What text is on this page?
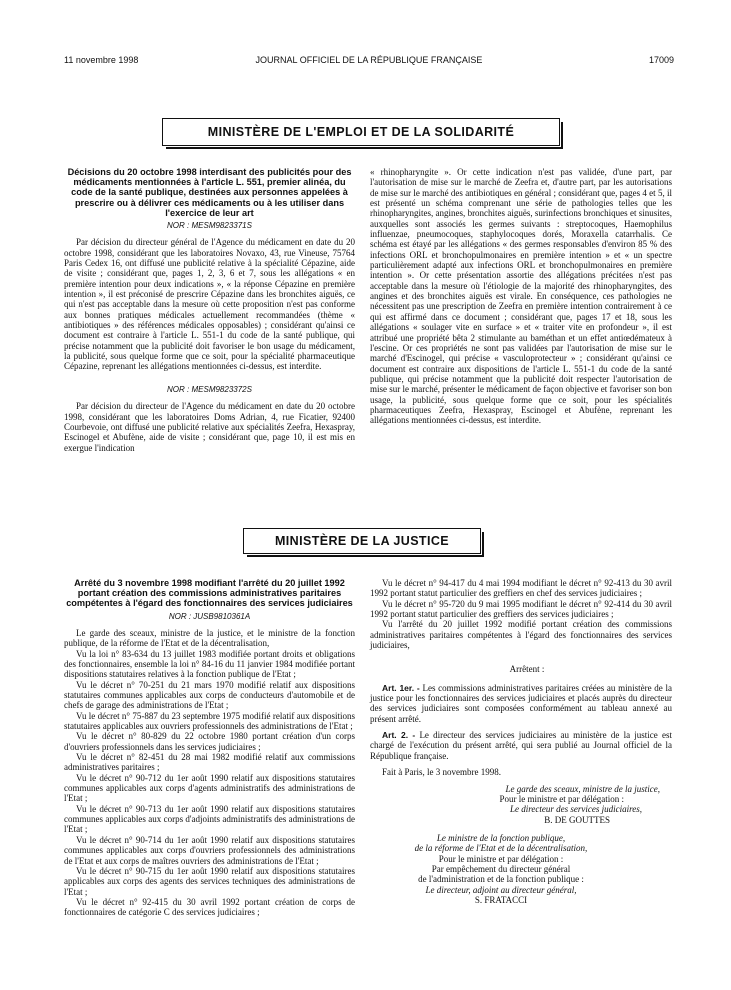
11 novembre 1998	JOURNAL OFFICIEL DE LA RÉPUBLIQUE FRANÇAISE	17009
MINISTÈRE DE L'EMPLOI ET DE LA SOLIDARITÉ

Décisions du 20 octobre 1998 interdisant des publicités pour des médicaments mentionnées à l'article L. 551, premier alinéa, du code de la santé publique, destinées aux personnes appelées à prescrire ou à délivrer ces médicaments ou à les utiliser dans l'exercice de leur art

NOR : MESM9823371S

Par décision du directeur général de l'Agence du médicament en date du 20 octobre 1998, considérant que les laboratoires Novaxo, 43, rue Vineuse, 75764 Paris Cedex 16, ont diffusé une publicité relative à la spécialité Cépazine, aide de visite ; considérant que, pages 1, 2, 3, 6 et 7, sous les allégations « en première intention pour deux indications », « la réponse Cépazine en première intention », il est préconisé de prescrire Cépazine dans les bronchites aiguës, ce qui n'est pas acceptable dans la mesure où cette proposition n'est pas conforme aux bonnes pratiques médicales actuellement recommandées (thème « antibiotiques » des références médicales opposables) ; considérant qu'ainsi ce document est contraire à l'article L. 551-1 du code de la santé publique, qui précise notamment que la publicité doit favoriser le bon usage du médicament, la publicité, sous quelque forme que ce soit, pour la spécialité pharmaceutique Cépazine, reprenant les allégations mentionnées ci-dessus, est interdite.

NOR : MESM9823372S

Par décision du directeur de l'Agence du médicament en date du 20 octobre 1998, considérant que les laboratoires Doms Adrian, 4, rue Ficatier, 92400 Courbevoie, ont diffusé une publicité relative aux spécialités Zeefra, Hexaspray, Escinogel et Abufène, aide de visite ; considérant que, page 10, il est mis en exergue l'indication

« rhinopharyngite ». Or cette indication n'est pas validée, d'une part, par l'autorisation de mise sur le marché de Zeefra et, d'autre part, par les autorisations de mise sur le marché des antibiotiques en général ; considérant que, pages 4 et 5, il est présenté un schéma comprenant une série de pathologies telles que les rhinopharyngites, angines, bronchites aiguës, surinfections bronchiques et sinusites, auxquelles sont associés les germes suivants : streptocoques, Haemophilus influenzae, pneumocoques, staphylocoques dorés, Moraxella catarrhalis. Ce schéma est étayé par les allégations « des germes responsables d'environ 85 % des infections ORL et bronchopulmonaires en première intention » et « un spectre particulièrement adapté aux infections ORL et bronchopulmonaires en première intention ». Or cette présentation assortie des allégations précitées n'est pas acceptable dans la mesure où l'étiologie de la majorité des rhinopharyngites, des angines et des bronchites aiguës est virale. En conséquence, ces pathologies ne nécessitent pas une prescription de Zeefra en première intention contrairement à ce qui est affirmé dans ce document ; considérant que, pages 17 et 18, sous les allégations « soulager vite en surface » et « traiter vite en profondeur », il est attribué une propriété bêta 2 stimulante au baméthan et un effet antiœdémateux à l'escine. Or ces propriétés ne sont pas validées par l'autorisation de mise sur le marché d'Escinogel, qui précise « vasculoprotecteur » ; considérant qu'ainsi ce document est contraire aux dispositions de l'article L. 551-1 du code de la santé publique, qui précise notamment que la publicité doit respecter l'autorisation de mise sur le marché, présenter le médicament de façon objective et favoriser son bon usage, la publicité, sous quelque forme que ce soit, pour les spécialités pharmaceutiques Zeefra, Hexaspray, Escinogel et Abufène, reprenant les allégations mentionnées ci-dessus, est interdite.

MINISTÈRE DE LA JUSTICE

Arrêté du 3 novembre 1998 modifiant l'arrêté du 20 juillet 1992 portant création des commissions administratives paritaires compétentes à l'égard des fonctionnaires des services judiciaires

NOR : JUSB9810361A

Le garde des sceaux, ministre de la justice, et le ministre de la fonction publique, de la réforme de l'Etat et de la décentralisation,

Vu la loi n° 83-634 du 13 juillet 1983 modifiée portant droits et obligations des fonctionnaires, ensemble la loi n° 84-16 du 11 janvier 1984 modifiée portant dispositions statutaires relatives à la fonction publique de l'Etat ;

Vu le décret n° 70-251 du 21 mars 1970 modifié relatif aux dispositions statutaires communes applicables aux corps de conducteurs d'automobile et de chefs de garage des administrations de l'Etat ;

Vu le décret n° 75-887 du 23 septembre 1975 modifié relatif aux dispositions statutaires applicables aux ouvriers professionnels des administrations de l'Etat ;

Vu le décret n° 80-829 du 22 octobre 1980 portant création d'un corps d'ouvriers professionnels dans les services judiciaires ;

Vu le décret n° 82-451 du 28 mai 1982 modifié relatif aux commissions administratives paritaires ;

Vu le décret n° 90-712 du 1er août 1990 relatif aux dispositions statutaires communes applicables aux corps d'agents administratifs des administrations de l'Etat ;

Vu le décret n° 90-713 du 1er août 1990 relatif aux dispositions statutaires communes applicables aux corps d'adjoints administratifs des administrations de l'Etat ;

Vu le décret n° 90-714 du 1er août 1990 relatif aux dispositions statutaires communes applicables aux corps d'ouvriers professionnels des administrations de l'Etat et aux corps de maîtres ouvriers des administrations de l'Etat ;

Vu le décret n° 90-715 du 1er août 1990 relatif aux dispositions statutaires applicables aux corps des agents des services techniques des administrations de l'Etat ;

Vu le décret n° 92-415 du 30 avril 1992 portant création de corps de fonctionnaires de catégorie C des services judiciaires ;

Vu le décret n° 94-417 du 4 mai 1994 modifiant le décret n° 92-413 du 30 avril 1992 portant statut particulier des greffiers en chef des services judiciaires ;

Vu le décret n° 95-720 du 9 mai 1995 modifiant le décret n° 92-414 du 30 avril 1992 portant statut particulier des greffiers des services judiciaires ;

Vu l'arrêté du 20 juillet 1992 modifié portant création des commissions administratives paritaires compétentes à l'égard des fonctionnaires des services judiciaires,

Arrêtent :

Art. 1er. - Les commissions administratives paritaires créées au ministère de la justice pour les fonctionnaires des services judiciaires et placés auprès du directeur des services judiciaires sont composées conformément au tableau annexé au présent arrêté.

Art. 2. - Le directeur des services judiciaires au ministère de la justice est chargé de l'exécution du présent arrêté, qui sera publié au Journal officiel de la République française.

Fait à Paris, le 3 novembre 1998.

Le garde des sceaux, ministre de la justice,
Pour le ministre et par délégation :
Le directeur des services judiciaires,
B. DE GOUTTES
Le ministre de la fonction publique,
de la réforme de l'Etat et de la décentralisation,
Pour le ministre et par délégation :
Par empêchement du directeur général
de l'administration et de la fonction publique :
Le directeur, adjoint au directeur général,
S. FRATACCI
